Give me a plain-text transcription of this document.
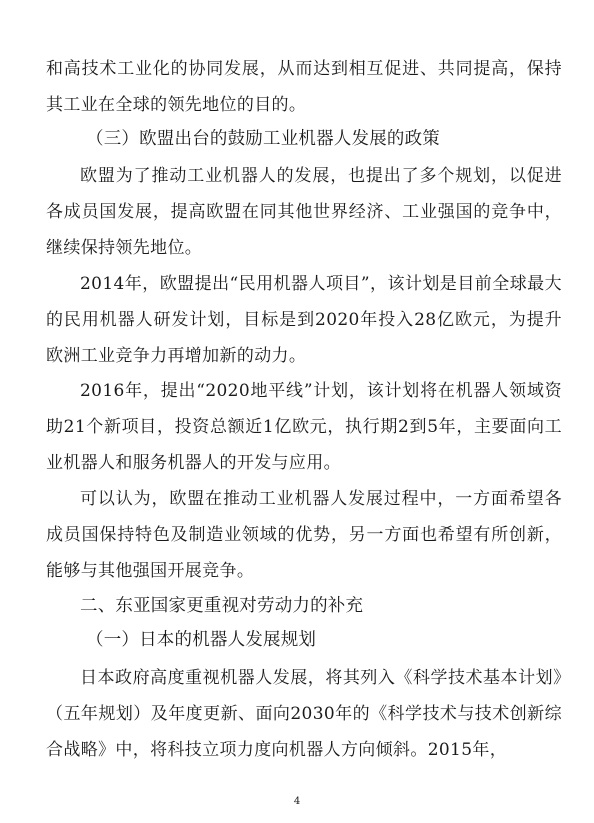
和高技术工业化的协同发展，从而达到相互促进、共同提高，保持其工业在全球的领先地位的目的。

（三）欧盟出台的鼓励工业机器人发展的政策

欧盟为了推动工业机器人的发展，也提出了多个规划，以促进各成员国发展，提高欧盟在同其他世界经济、工业强国的竞争中，继续保持领先地位。

2014年，欧盟提出“民用机器人项目”，该计划是目前全球最大的民用机器人研发计划，目标是到2020年投入28亿欧元，为提升欧洲工业竞争力再增加新的动力。

2016年，提出“2020地平线”计划，该计划将在机器人领域资助21个新项目，投资总额近1亿欧元，执行期2到5年，主要面向工业机器人和服务机器人的开发与应用。

可以认为，欧盟在推动工业机器人发展过程中，一方面希望各成员国保持特色及制造业领域的优势，另一方面也希望有所创新，能够与其他强国开展竞争。

二、东亚国家更重视对劳动力的补充
（一）日本的机器人发展规划

日本政府高度重视机器人发展，将其列入《科学技术基本计划》（五年规划）及年度更新、面向2030年的《科学技术与技术创新综合战略》中，将科技立项力度向机器人方向倾斜。2015年，

4
